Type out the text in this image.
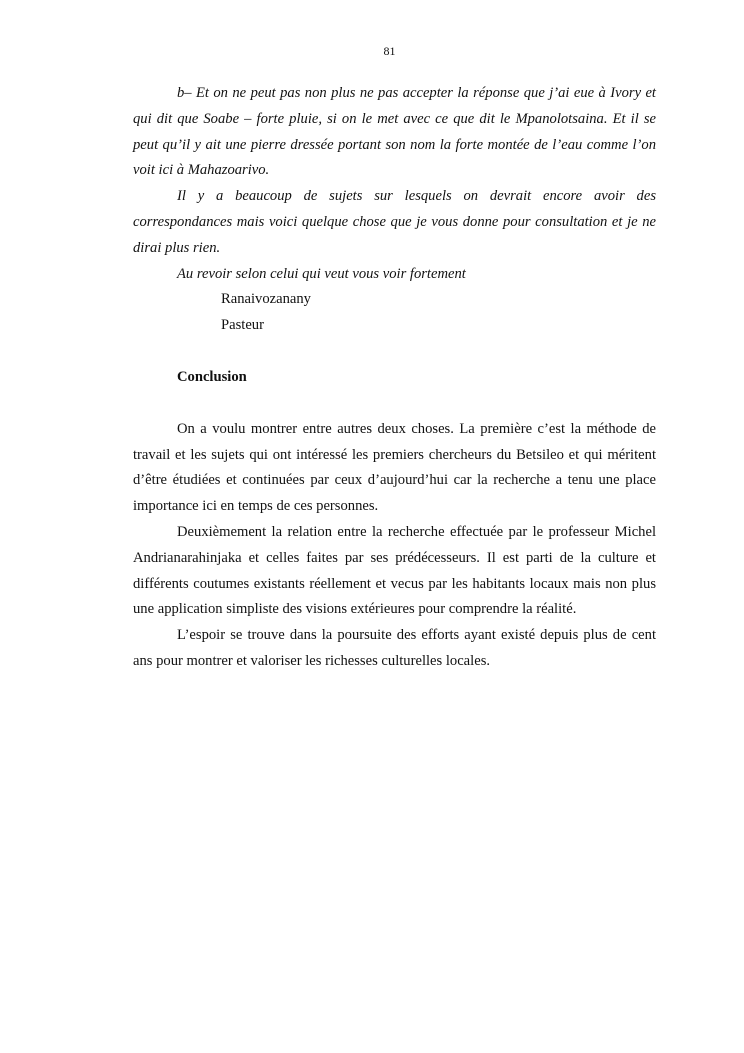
81

b– Et on ne peut pas non plus ne pas accepter la réponse que j’ai eue à Ivory et qui dit que Soabe – forte pluie, si on le met avec ce que dit le Mpanolotsaina. Et il se peut qu’il y ait une pierre dressée portant son nom la forte montée de l’eau comme l’on voit ici à Mahazoarivo.

Il y a beaucoup de sujets sur lesquels on devrait encore avoir des correspondances mais voici quelque chose que je vous donne pour consultation et je ne dirai plus rien.

Au revoir selon celui qui veut vous voir fortement

Ranaivozanany
Pasteur
Conclusion

On a voulu montrer entre autres deux choses. La première c’est la méthode de travail et les sujets qui ont intéressé les premiers chercheurs du Betsileo et qui méritent d’être étudiées et continuées par ceux d’aujourd’hui car la recherche a tenu une place importance ici en temps de ces personnes.

Deuxièmement la relation entre la recherche effectuée par le professeur Michel Andrianarahinjaka et celles faites par ses prédécesseurs. Il est parti de la culture et différents coutumes existants réellement et vecus par les habitants locaux mais non plus une application simpliste des visions extérieures pour comprendre la réalité.

L’espoir se trouve dans la poursuite des efforts ayant existé depuis plus de cent ans pour montrer et valoriser les richesses culturelles locales.
